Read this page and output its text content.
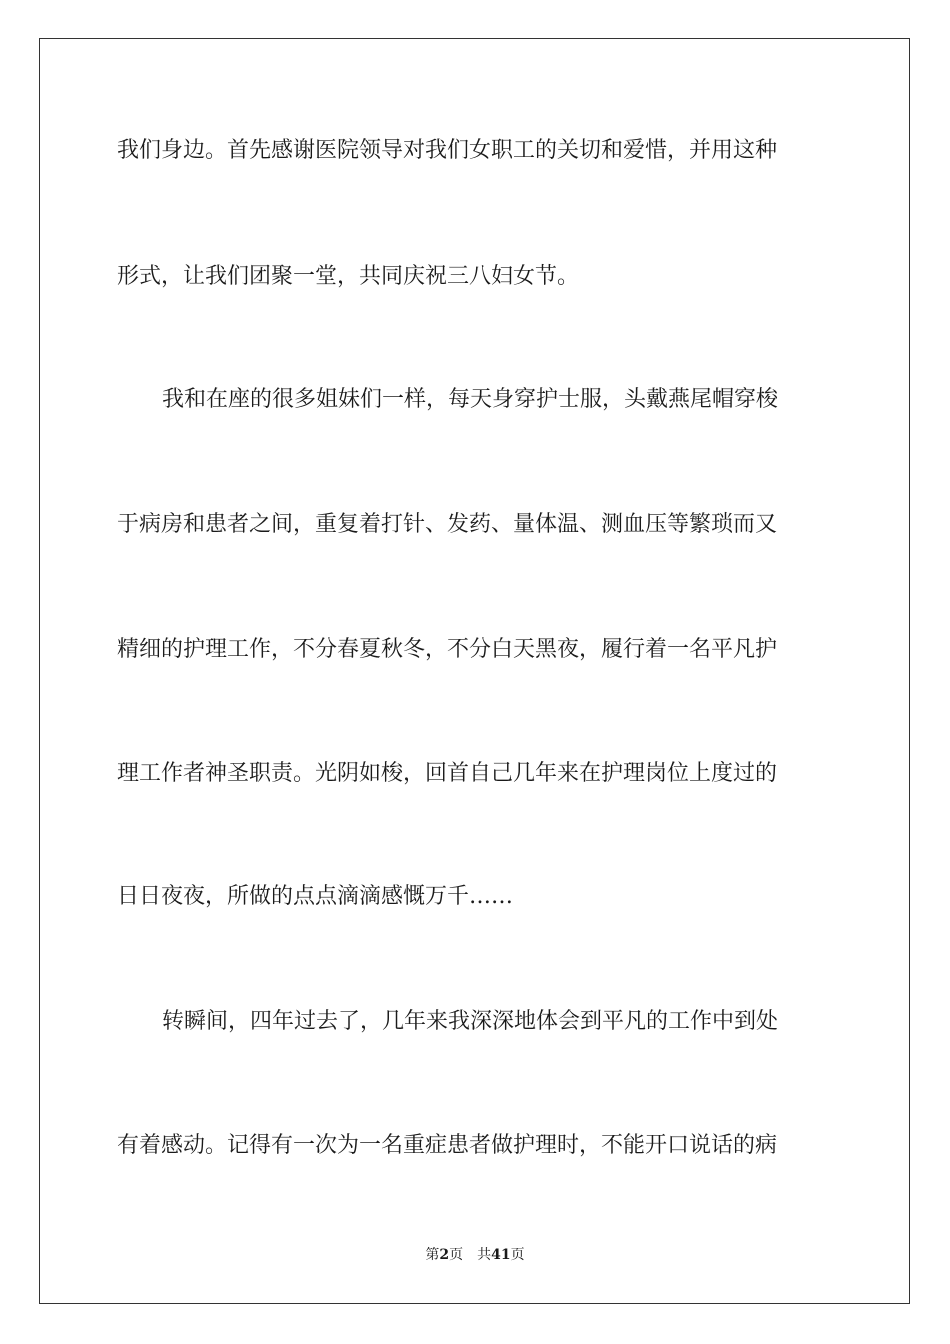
我们身边。首先感谢医院领导对我们女职工的关切和爱惜，并用这种
形式，让我们团聚一堂，共同庆祝三八妇女节。
我和在座的很多姐妹们一样，每天身穿护士服，头戴燕尾帽穿梭
于病房和患者之间，重复着打针、发药、量体温、测血压等繁琐而又
精细的护理工作，不分春夏秋冬，不分白天黑夜，履行着一名平凡护
理工作者神圣职责。光阴如梭，回首自己几年来在护理岗位上度过的
日日夜夜，所做的点点滴滴感慨万千……
转瞬间，四年过去了，几年来我深深地体会到平凡的工作中到处
有着感动。记得有一次为一名重症患者做护理时，不能开口说话的病
第2页 共41页
